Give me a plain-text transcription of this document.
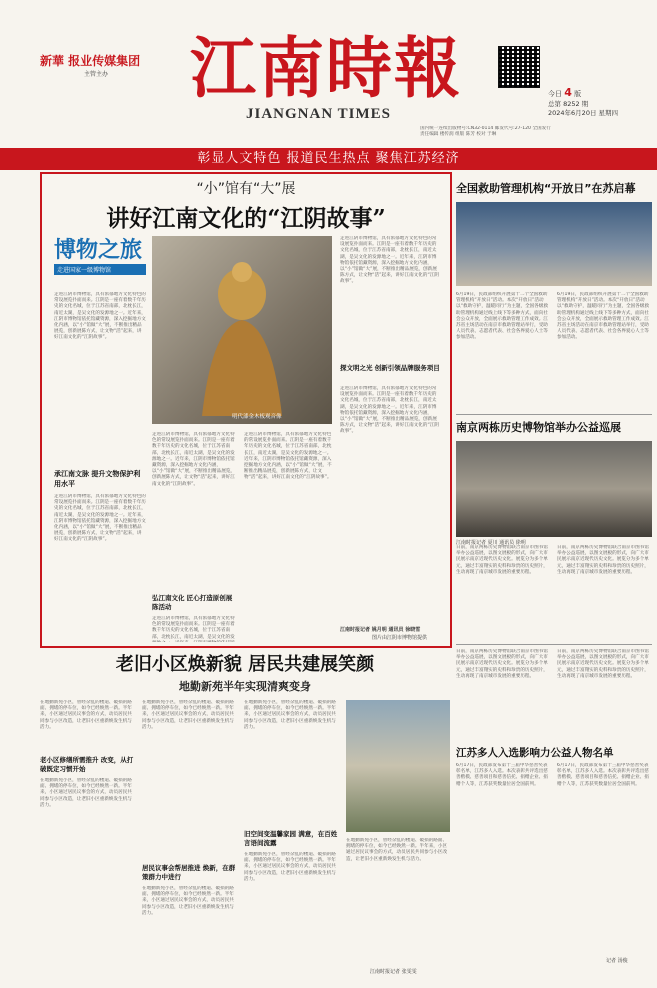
新華 报业传媒集团
主管主办 江南時報
JIANGNAN TIMES
今日 4 版
总第 8252 期
2024年6月20日 星期四
国内统一连续出版物号:CN32-0114 邮发代号:27-120 全国发行
责任编辑 楼传润 组版 陈芳 校对 于琳
彰显人文特色 报道民生热点 聚焦江苏经济
“小”馆有“大”展
讲好江南文化的“江阴故事”
博物之旅
走进国家一级博物馆
明代漆金木板观音像
走进江阴市博物馆，具有浓郁地方文化特色的常设展览扑面而来。江阴是一座有着数千年历史的文化名城，位于江苏省南部，北枕长江，南近太湖，是吴文化的发源地之一。近年来，江阴市博物馆依托馆藏资源，深入挖掘地方文化内涵，以“小”馆做“大”展，不断推出精品展览，创新展陈方式，让文物“活”起来，讲好江南文化的“江阴故事”。
承江南文脉 提升文物保护利用水平
走进江阴市博物馆，具有浓郁地方文化特色的常设展览扑面而来。江阴是一座有着数千年历史的文化名城，位于江苏省南部，北枕长江，南近太湖，是吴文化的发源地之一。近年来，江阴市博物馆依托馆藏资源，深入挖掘地方文化内涵，以“小”馆做“大”展，不断推出精品展览，创新展陈方式，让文物“活”起来，讲好江南文化的“江阴故事”。
走进江阴市博物馆，具有浓郁地方文化特色的常设展览扑面而来。江阴是一座有着数千年历史的文化名城，位于江苏省南部，北枕长江，南近太湖，是吴文化的发源地之一。近年来，江阴市博物馆依托馆藏资源，深入挖掘地方文化内涵，以“小”馆做“大”展，不断推出精品展览，创新展陈方式，让文物“活”起来，讲好江南文化的“江阴故事”。
弘江南文化 匠心打造原创展陈活动
走进江阴市博物馆，具有浓郁地方文化特色的常设展览扑面而来。江阴是一座有着数千年历史的文化名城，位于江苏省南部，北枕长江，南近太湖，是吴文化的发
走进江阴市博物馆，具有浓郁地方文化特色的常设展览扑面而来。江阴是一座有着数千年历史的文化名城，位于江苏省南部，北枕长江，南近太湖，是吴文化的发源地之一。近年来，江阴市博物馆依托馆藏资源，深入挖掘地方文化内涵，以“小”馆做“大”展，不断推出精品展览，创新展陈方式，让文物“活”起来，讲好江南文化的“江阴故事”。
走进江阴市博物馆，具有浓郁地方文化特色的常设展览扑面而来。江阴是一座有着数千年历史的文化名城，位于江苏省南部，北枕长江，南近太湖，是吴文化的发源地之一。近年来，江阴市博物馆依托馆藏资源，深入挖掘地方文化内涵，以“小”馆做“大”展，不断推出精品展览，创新展陈方式，让文物“活”起来，讲好江南文化的“江阴故事”。
探文明之光 创新引领品牌服务项目
走进江阴市博物馆，具有浓郁地方文化特色的常设展览扑面而来。江阴是一座有着数千年历史的文化名城，位于江苏省南部，北枕长江，南近太湖，是吴文化的发源地之一。近年来，江阴市博物馆依托馆藏资源，深入挖掘地方文化内涵，以“小”馆做“大”展，不断推出精品展览，创新展陈方式，让文物“活”起来，讲好江南文化的“江阴故事”。
江南时报记者 姚月明 通讯员 徐晓雪
图片由江阴市博物馆提供
全国救助管理机构“开放日”在苏启幕
6月19日，民政部组织开展第十二个全国救助管理机构“开放日”活动。本次“开放日”活动以“救助守护，温暖同行”为主题，全国各级救助管理机构通过线上线下等多种方式，面向社会公众开放，全面展示救助管理工作成效。江苏省主场活动在南京市救助管理站举行，受助人员代表、志愿者代表、社会各界爱心人士等参加活动。
6月19日，民政部组织开展第十二个全国救助管理机构“开放日”活动。本次“开放日”活动以“救助守护，温暖同行”为主题，全国各级救助管理机构通过线上线下等多种方式，面向社会公众开放，全面展示救助管理工作成效。江苏省主场活动在南京市救助管理站举行，受助人员代表、志愿者代表、社会各界爱心人士等参加活动。
南京两栋历史博物馆举办公益巡展
江南时报记者 夏川 通讯员 徐明
日前，南京两栋历史博物馆联合南京市图书馆举办公益巡展，以图文展板的形式，向广大市民展示南京近现代历史文化。展览分为多个单元，通过丰富翔实的史料和珍贵的历史照片，生动再现了南京城市发展的重要历程。
日前，南京两栋历史博物馆联合南京市图书馆举办公益巡展，以图文展板的形式，向广大市民展示南京近现代历史文化。展览分为多个单元，通过丰富翔实的史料和珍贵的历史照片，生动再现了南京城市发展的重要历程。
日前，南京两栋历史博物馆联合南京市图书馆举办公益巡展，以图文展板的形式，向广大市民展示南京近现代历史文化。展览分为多个单元，通过丰富翔实的史料和珍贵的历史照片，生动再现了南京城市发展的重要历程。
日前，南京两栋历史博物馆联合南京市图书馆举办公益巡展，以图文展板的形式，向广大市民展示南京近现代历史文化。展览分为多个单元，通过丰富翔实的史料和珍贵的历史照片，生动再现了南京城市发展的重要历程。
江苏多人入选影响力公益人物名单
6月17日，民政部发布第十三届中华慈善奖表彰名单，江苏多人入选。本次表彰共评选出慈善楷模、慈善项目和慈善信托、捐赠企业、捐赠个人等，江苏获奖数量位居全国前列。
6月17日，民政部发布第十三届中华慈善奖表彰名单，江苏多人入选。本次表彰共评选出慈善楷模、慈善项目和慈善信托、捐赠企业、捐赠个人等，江苏获奖数量位居全国前列。
记者 汤俊
老旧小区焕新貌 居民共建展笑颜
地勤新苑半年实现清爽变身
在地勤新苑小区，曾经杂乱的楼道、破损的路面、拥堵的停车位，如今已经焕然一新。半年来，小区通过居民议事会的方式，动员居民共同参与小区改造，让老旧小区重新焕发生机与活力。
老小区修缮所需推升 改变，从打破既定习惯开始
在地勤新苑小区，曾经杂乱的楼道、破损的路面、拥堵的停车位，如今已经焕然一新。半年来，小区通过居民议事会的方式，动员居民共同参与小区改造，让老旧小区重新焕发生机与活力。
在地勤新苑小区，曾经杂乱的楼道、破损的路面、拥堵的停车位，如今已经焕然一新。半年来，小区通过居民议事会的方式，动员居民共同参与小区改造，让老旧小区重新焕发生机与活力。
居民议事会帮居推进 焕新，在群策群力中进行
在地勤新苑小区，曾经杂乱的楼道、破损的路面、拥堵的停车位，如今已经焕然一新。半年来，小区通过居民议事会的方式，动员居民共同参与小区改造，让老旧小区重新焕发生机与活力。
在地勤新苑小区，曾经杂乱的楼道、破损的路面、拥堵的停车位，如今已经焕然一新。半年来，小区通过居民议事会的方式，动员居民共同参与小区改造，让老旧小区重新焕发生机与活力。
旧空间变温馨家园 满意，在百姓言语间流露
在地勤新苑小区，曾经杂乱的楼道、破损的路面、拥堵的停车位，如今已经焕然一新。半年来，小区通过居民议事会的方式，动员居民共同参与小区改造，让老旧小区重新焕发生机与活力。
在地勤新苑小区，曾经杂乱的楼道、破损的路面、拥堵的停车位，如今已经焕然一新。半年来，小区通过居民议事会的方式，动员居民共同参与小区改造，让老旧小区重新焕发生机与活力。
江南时报记者 张雯雯
